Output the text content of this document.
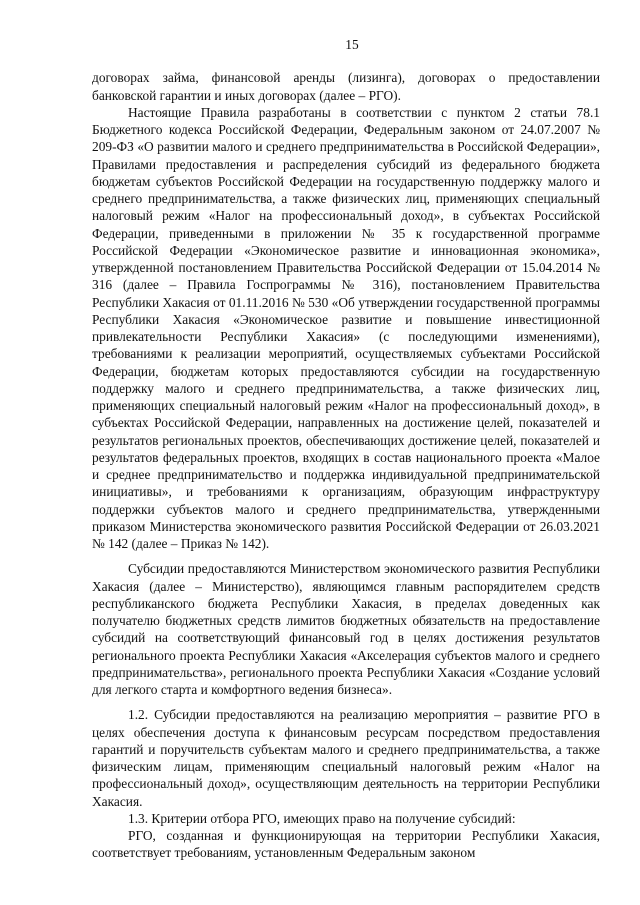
15

договорах займа, финансовой аренды (лизинга), договорах о предоставлении банковской гарантии и иных договорах (далее – РГО).

Настоящие Правила разработаны в соответствии с пунктом 2 статьи 78.1 Бюджетного кодекса Российской Федерации, Федеральным законом от 24.07.2007 № 209-ФЗ «О развитии малого и среднего предпринимательства в Российской Федерации», Правилами предоставления и распределения субсидий из федерального бюджета бюджетам субъектов Российской Федерации на государственную поддержку малого и среднего предпринимательства, а также физических лиц, применяющих специальный налоговый режим «Налог на профессиональный доход», в субъектах Российской Федерации, приведенными в приложении № 35 к государственной программе Российской Федерации «Экономическое развитие и инновационная экономика», утвержденной постановлением Правительства Российской Федерации от 15.04.2014 № 316 (далее – Правила Госпрограммы № 316), постановлением Правительства Республики Хакасия от 01.11.2016 № 530 «Об утверждении государственной программы Республики Хакасия «Экономическое развитие и повышение инвестиционной привлекательности Республики Хакасия» (с последующими изменениями), требованиями к реализации мероприятий, осуществляемых субъектами Российской Федерации, бюджетам которых предоставляются субсидии на государственную поддержку малого и среднего предпринимательства, а также физических лиц, применяющих специальный налоговый режим «Налог на профессиональный доход», в субъектах Российской Федерации, направленных на достижение целей, показателей и результатов региональных проектов, обеспечивающих достижение целей, показателей и результатов федеральных проектов, входящих в состав национального проекта «Малое и среднее предпринимательство и поддержка индивидуальной предпринимательской инициативы», и требованиями к организациям, образующим инфраструктуру поддержки субъектов малого и среднего предпринимательства, утвержденными приказом Министерства экономического развития Российской Федерации от 26.03.2021 № 142 (далее – Приказ № 142).

Субсидии предоставляются Министерством экономического развития Республики Хакасия (далее – Министерство), являющимся главным распорядителем средств республиканского бюджета Республики Хакасия, в пределах доведенных как получателю бюджетных средств лимитов бюджетных обязательств на предоставление субсидий на соответствующий финансовый год в целях достижения результатов регионального проекта Республики Хакасия «Акселерация субъектов малого и среднего предпринимательства», регионального проекта Республики Хакасия «Создание условий для легкого старта и комфортного ведения бизнеса».

1.2. Субсидии предоставляются на реализацию мероприятия – развитие РГО в целях обеспечения доступа к финансовым ресурсам посредством предоставления гарантий и поручительств субъектам малого и среднего предпринимательства, а также физическим лицам, применяющим специальный налоговый режим «Налог на профессиональный доход», осуществляющим деятельность на территории Республики Хакасия.

1.3. Критерии отбора РГО, имеющих право на получение субсидий:

РГО, созданная и функционирующая на территории Республики Хакасия, соответствует требованиям, установленным Федеральным законом
